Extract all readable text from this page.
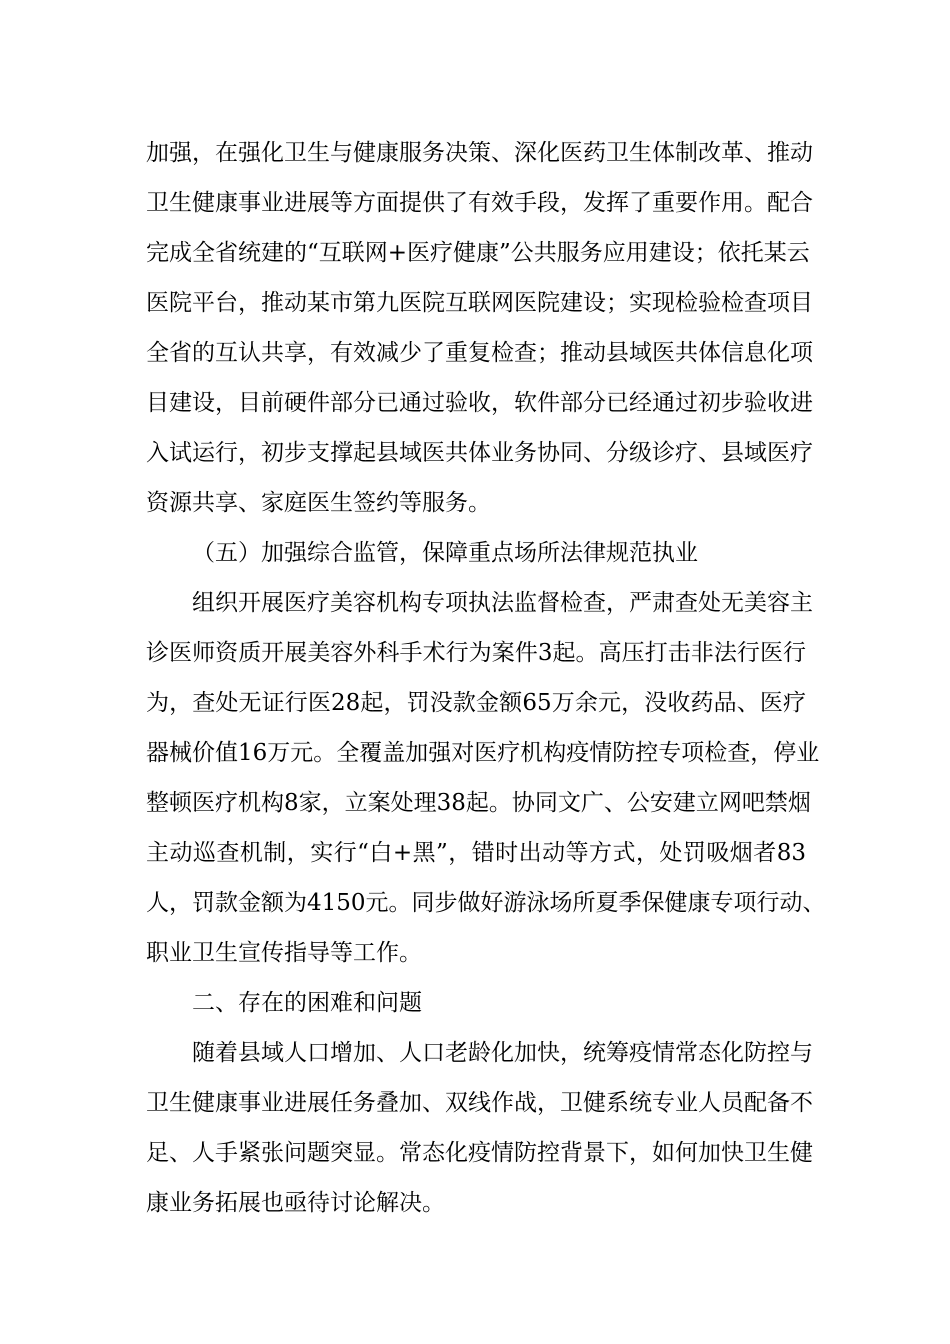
加强，在强化卫生与健康服务决策、深化医药卫生体制改革、推动
卫生健康事业进展等方面提供了有效手段，发挥了重要作用。配合
完成全省统建的“互联网+医疗健康”公共服务应用建设；依托某云
医院平台，推动某市第九医院互联网医院建设；实现检验检查项目
全省的互认共享，有效减少了重复检查；推动县域医共体信息化项
目建设，目前硬件部分已通过验收，软件部分已经通过初步验收进
入试运行，初步支撑起县域医共体业务协同、分级诊疗、县域医疗
资源共享、家庭医生签约等服务。
（五）加强综合监管，保障重点场所法律规范执业
组织开展医疗美容机构专项执法监督检查，严肃查处无美容主
诊医师资质开展美容外科手术行为案件3起。高压打击非法行医行
为，查处无证行医28起，罚没款金额65万余元，没收药品、医疗
器械价值16万元。全覆盖加强对医疗机构疫情防控专项检查，停业
整顿医疗机构8家，立案处理38起。协同文广、公安建立网吧禁烟
主动巡查机制，实行“白+黑”，错时出动等方式，处罚吸烟者83
人，罚款金额为4150元。同步做好游泳场所夏季保健康专项行动、
职业卫生宣传指导等工作。
二、存在的困难和问题
随着县域人口增加、人口老龄化加快，统筹疫情常态化防控与
卫生健康事业进展任务叠加、双线作战，卫健系统专业人员配备不
足、人手紧张问题突显。常态化疫情防控背景下，如何加快卫生健
康业务拓展也亟待讨论解决。
